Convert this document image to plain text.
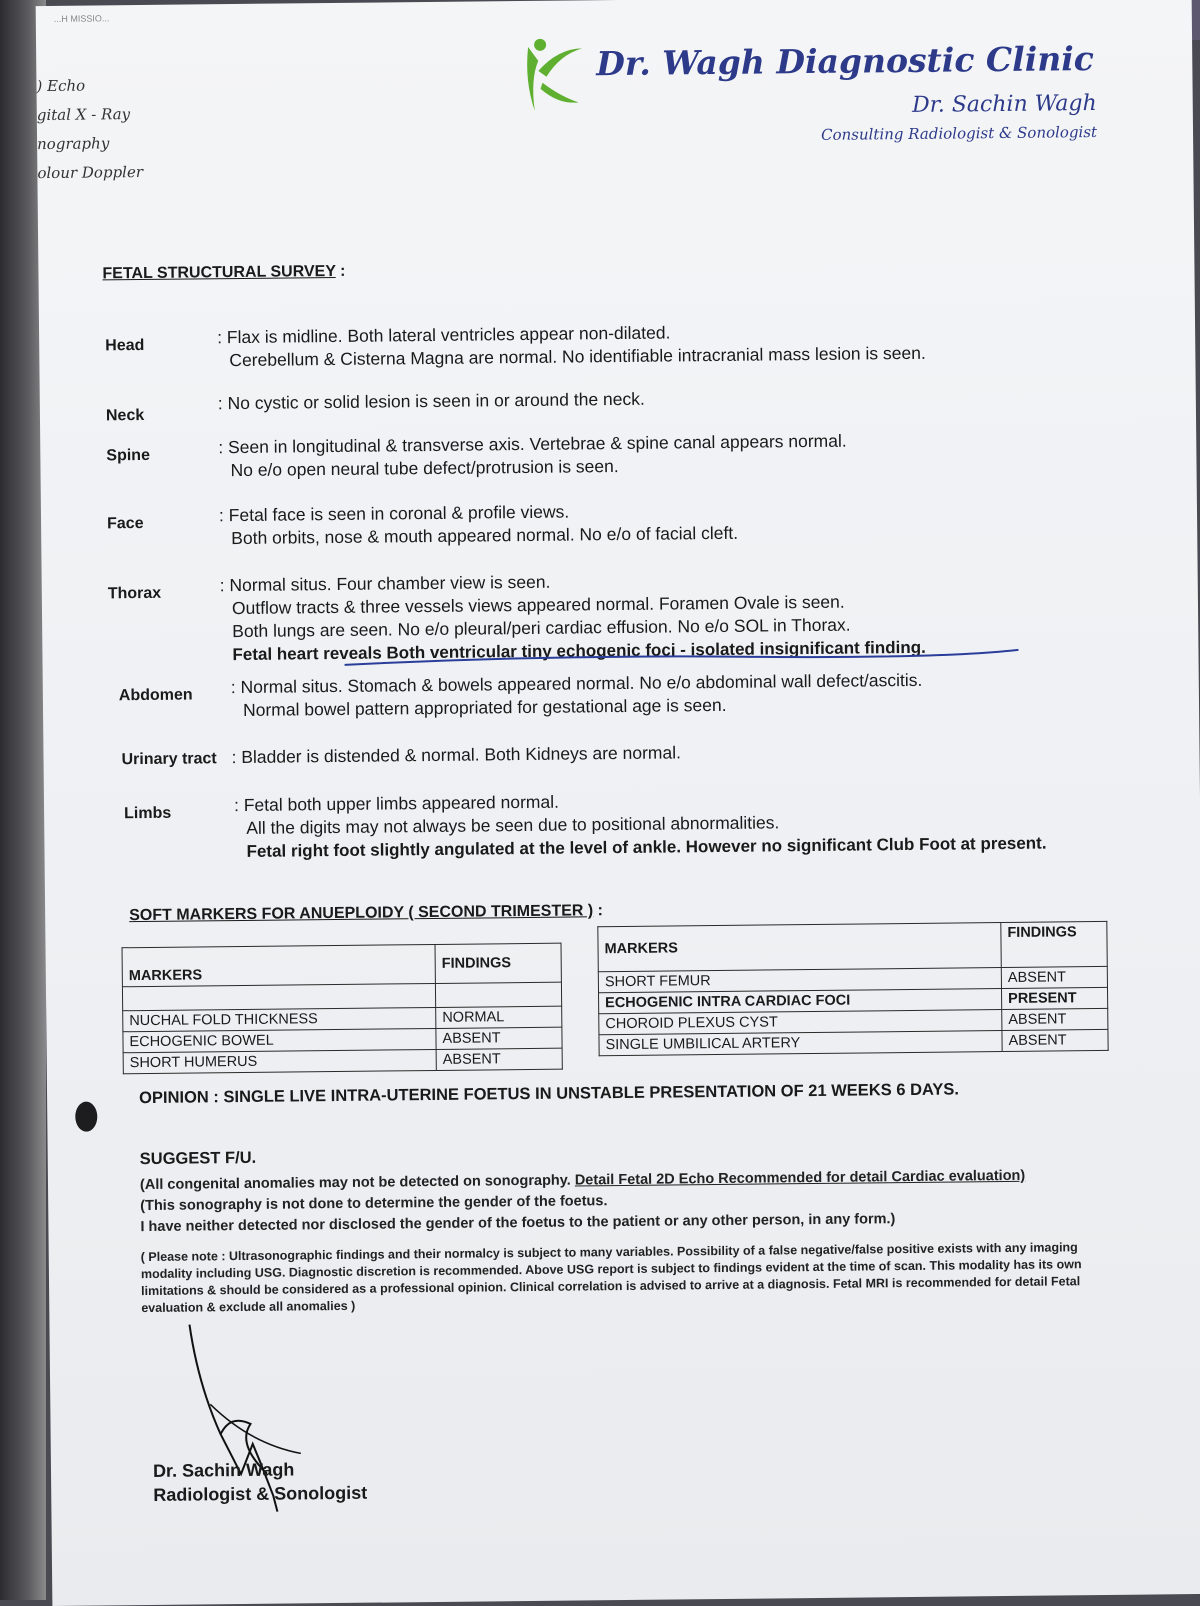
...H MISSIO...
) Echo
gital X - Ray
nography
olour Doppler
Dr. Wagh Diagnostic Clinic
Dr. Sachin Wagh
Consulting Radiologist & Sonologist
FETAL STRUCTURAL SURVEY :
Head	: Flax is midline. Both lateral ventricles appear non-dilated.
Cerebellum & Cisterna Magna are normal. No identifiable intracranial mass lesion is seen.
Neck
: No cystic or solid lesion is seen in or around the neck.
Spine	: Seen in longitudinal & transverse axis. Vertebrae & spine canal appears normal.
No e/o open neural tube defect/protrusion is seen.
Face	: Fetal face is seen in coronal & profile views.
Both orbits, nose & mouth appeared normal. No e/o of facial cleft.
Thorax	: Normal situs. Four chamber view is seen.
Outflow tracts & three vessels views appeared normal. Foramen Ovale is seen.
Both lungs are seen. No e/o pleural/peri cardiac effusion. No e/o SOL in Thorax.
Fetal heart reveals Both ventricular tiny echogenic foci - isolated insignificant finding.
Abdomen : Normal situs. Stomach & bowels appeared normal. No e/o abdominal wall defect/ascitis.
Normal bowel pattern appropriated for gestational age is seen.
Urinary tract : Bladder is distended & normal. Both Kidneys are normal.
Limbs	: Fetal both upper limbs appeared normal.
All the digits may not always be seen due to positional abnormalities.
Fetal right foot slightly angulated at the level of ankle. However no significant Club Foot at present.
SOFT MARKERS FOR ANUEPLOIDY ( SECOND TRIMESTER ) :
MARKERS	FINDINGS

NUCHAL FOLD THICKNESS	NORMAL
ECHOGENIC BOWEL	ABSENT
SHORT HUMERUS	ABSENT
MARKERS	FINDINGS
SHORT FEMUR	ABSENT
ECHOGENIC INTRA CARDIAC FOCI	PRESENT
CHOROID PLEXUS CYST	ABSENT
SINGLE UMBILICAL ARTERY	ABSENT
OPINION : SINGLE LIVE INTRA-UTERINE FOETUS IN UNSTABLE PRESENTATION OF 21 WEEKS 6 DAYS.
SUGGEST F/U.
(All congenital anomalies may not be detected on sonography. Detail Fetal 2D Echo Recommended for detail Cardiac evaluation)
(This sonography is not done to determine the gender of the foetus.
I have neither detected nor disclosed the gender of the foetus to the patient or any other person, in any form.)
( Please note : Ultrasonographic findings and their normalcy is subject to many variables. Possibility of a false negative/false positive exists with any imaging modality including USG. Diagnostic discretion is recommended. Above USG report is subject to findings evident at the time of scan. This modality has its own limitations & should be considered as a professional opinion. Clinical correlation is advised to arrive at a diagnosis. Fetal MRI is recommended for detail Fetal evaluation & exclude all anomalies )
Dr. Sachin Wagh
Radiologist & Sonologist
